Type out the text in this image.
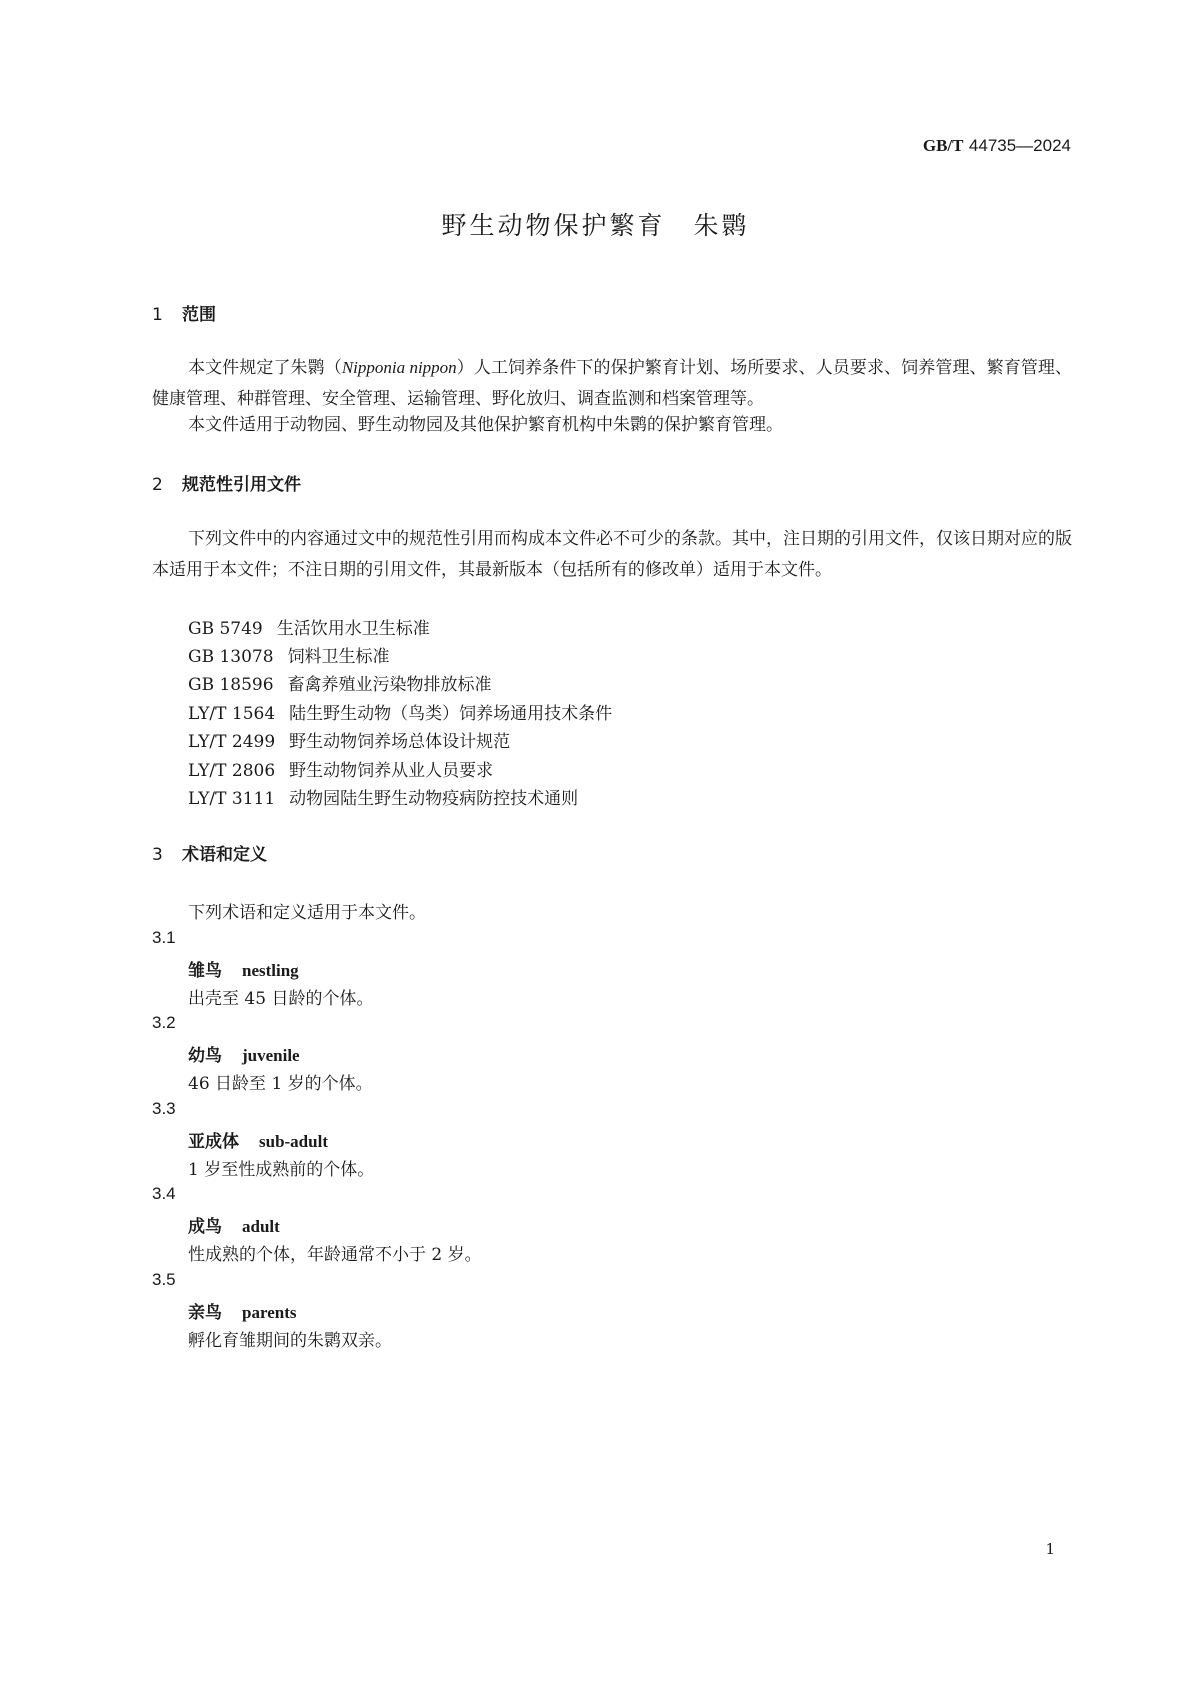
GB/T 44735—2024
野生动物保护繁育　朱鹮
1 范围
本文件规定了朱鹮（Nipponia nippon）人工饲养条件下的保护繁育计划、场所要求、人员要求、饲养管理、繁育管理、健康管理、种群管理、安全管理、运输管理、野化放归、调查监测和档案管理等。
本文件适用于动物园、野生动物园及其他保护繁育机构中朱鹮的保护繁育管理。
2 规范性引用文件
下列文件中的内容通过文中的规范性引用而构成本文件必不可少的条款。其中，注日期的引用文件，仅该日期对应的版本适用于本文件；不注日期的引用文件，其最新版本（包括所有的修改单）适用于本文件。
GB 5749 生活饮用水卫生标准
GB 13078 饲料卫生标准
GB 18596 畜禽养殖业污染物排放标准
LY/T 1564 陆生野生动物（鸟类）饲养场通用技术条件
LY/T 2499 野生动物饲养场总体设计规范
LY/T 2806 野生动物饲养从业人员要求
LY/T 3111 动物园陆生野生动物疫病防控技术通则
3 术语和定义
下列术语和定义适用于本文件。
3.1
雏鸟 nestling
出壳至 45 日龄的个体。
3.2
幼鸟 juvenile
46 日龄至 1 岁的个体。
3.3
亚成体 sub-adult
1 岁至性成熟前的个体。
3.4
成鸟 adult
性成熟的个体，年龄通常不小于 2 岁。
3.5
亲鸟 parents
孵化育雏期间的朱鹮双亲。
1
